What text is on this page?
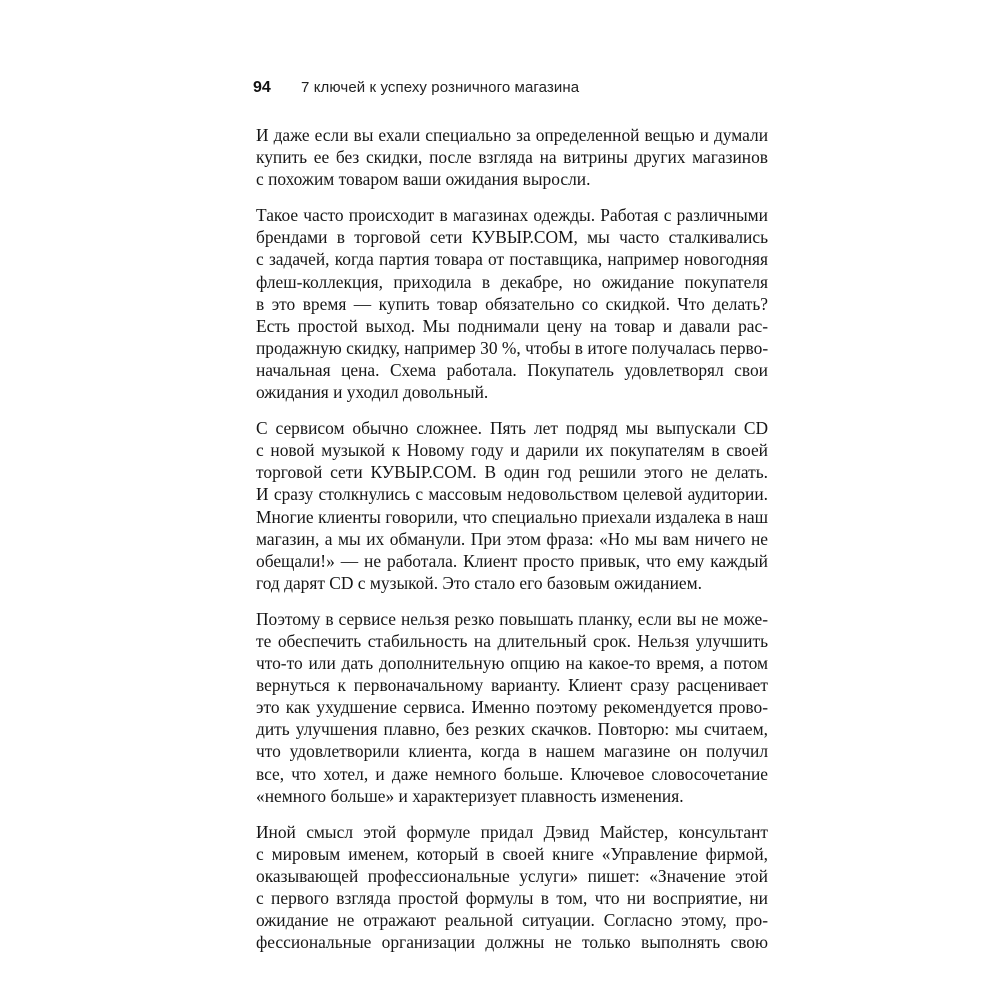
94	7 ключей к успеху розничного магазина

И даже если вы ехали специально за определенной вещью и думали
купить ее без скидки, после взгляда на витрины других магазинов
с похожим товаром ваши ожидания выросли.

Такое часто происходит в магазинах одежды. Работая с различными
брендами в торговой сети КУВЫР.СОМ, мы часто сталкивались
с задачей, когда партия товара от поставщика, например новогодняя
флеш-коллекция, приходила в декабре, но ожидание покупателя
в это время — купить товар обязательно со скидкой. Что делать?
Есть простой выход. Мы поднимали цену на товар и давали рас-
продажную скидку, например 30 %, чтобы в итоге получалась перво-
начальная цена. Схема работала. Покупатель удовлетворял свои
ожидания и уходил довольный.

С сервисом обычно сложнее. Пять лет подряд мы выпускали CD
с новой музыкой к Новому году и дарили их покупателям в своей
торговой сети КУВЫР.СОМ. В один год решили этого не делать.
И сразу столкнулись с массовым недовольством целевой аудитории.
Многие клиенты говорили, что специально приехали издалека в наш
магазин, а мы их обманули. При этом фраза: «Но мы вам ничего не
обещали!» — не работала. Клиент просто привык, что ему каждый
год дарят CD с музыкой. Это стало его базовым ожиданием.

Поэтому в сервисе нельзя резко повышать планку, если вы не може-
те обеспечить стабильность на длительный срок. Нельзя улучшить
что-то или дать дополнительную опцию на какое-то время, а потом
вернуться к первоначальному варианту. Клиент сразу расценивает
это как ухудшение сервиса. Именно поэтому рекомендуется прово-
дить улучшения плавно, без резких скачков. Повторю: мы считаем,
что удовлетворили клиента, когда в нашем магазине он получил
все, что хотел, и даже немного больше. Ключевое словосочетание
«немного больше» и характеризует плавность изменения.

Иной смысл этой формуле придал Дэвид Майстер, консультант
с мировым именем, который в своей книге «Управление фирмой,
оказывающей профессиональные услуги» пишет: «Значение этой
с первого взгляда простой формулы в том, что ни восприятие, ни
ожидание не отражают реальной ситуации. Согласно этому, про-
фессиональные организации должны не только выполнять свою
